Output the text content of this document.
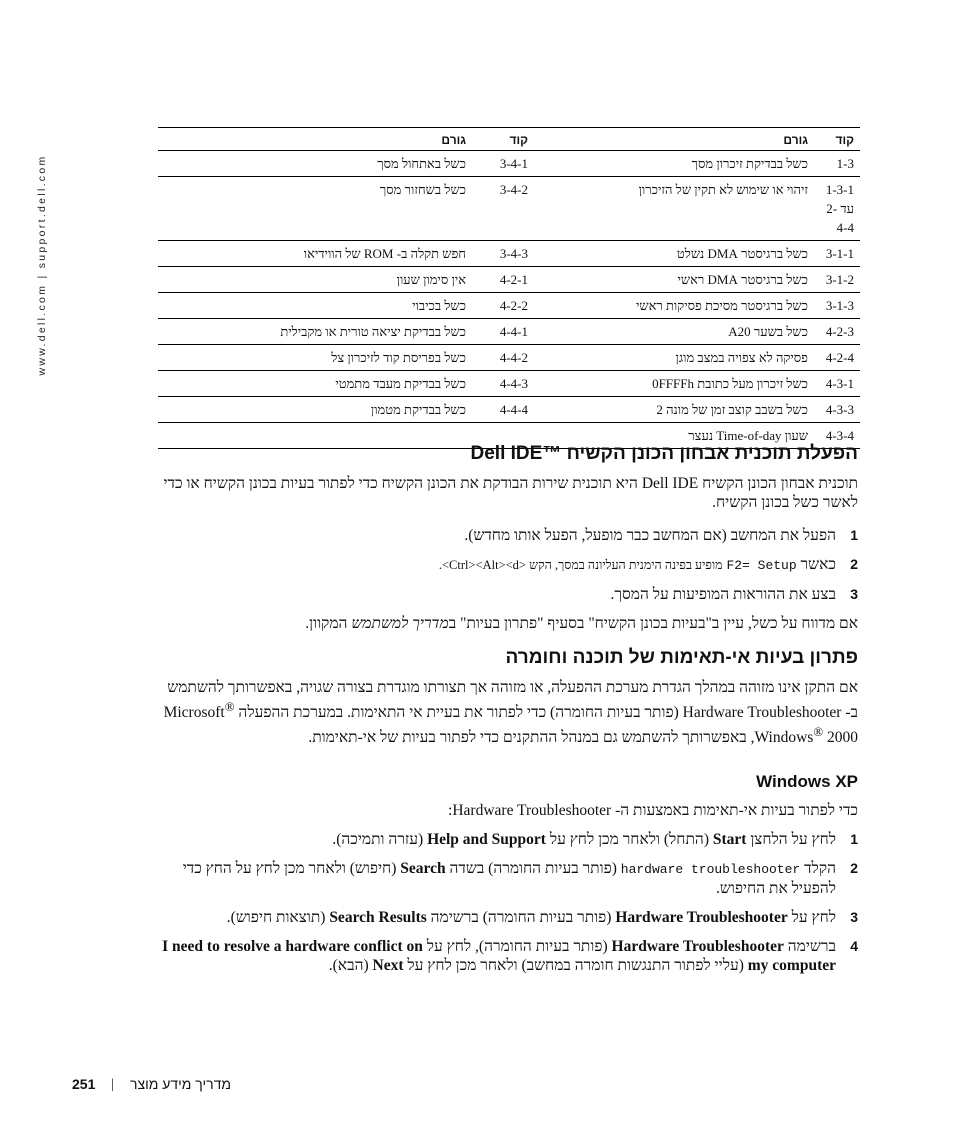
www.dell.com | support.dell.com
קוד	גורם	קוד	גורם
1-3	כשל בבדיקת זיכרון מסך	3-4-1	כשל באתחול מסך
1-3-1 עד 2-4-4	זיהוי או שימוש לא תקין של הזיכרון	3-4-2	כשל בשחזור מסך
3-1-1	כשל ברגיסטר DMA נשלט	3-4-3	חפש תקלה ב- ROM של הווידיאו
3-1-2	כשל ברגיסטר DMA ראשי	4-2-1	אין סימון שעון
3-1-3	כשל ברגיסטר מסיכת פסיקות ראשי	4-2-2	כשל בכיבוי
4-2-3	כשל בשער A20	4-4-1	כשל בבדיקת יציאה טורית או מקבילית
4-2-4	פסיקה לא צפויה במצב מוגן	4-4-2	כשל בפריסת קוד לזיכרון צל
4-3-1	כשל זיכרון מעל כתובת 0FFFFh	4-4-3	כשל בבדיקת מעבד מתמטי
4-3-3	כשל בשבב קוצב זמן של מונה 2	4-4-4	כשל בבדיקת מטמון
4-3-4	שעון Time-of-day נעצר		
הפעלת תוכנית אבחון הכונן הקשיח ™Dell IDE

תוכנית אבחון הכונן הקשיח Dell IDE היא תוכנית שירות הבודקת את הכונן הקשיח כדי לפתור בעיות בכונן הקשיח או כדי לאשר כשל בכונן הקשיח.

1
הפעל את המחשב (אם המחשב כבר מופעל, הפעל אותו מחדש).
2
כאשר F2= Setup מופיע בפינה הימנית העליונה במסך, הקש <Ctrl><Alt><d>.
3
בצע את ההוראות המופיעות על המסך.

אם מדווח על כשל, עיין ב"בעיות בכונן הקשיח" בסעיף "פתרון בעיות" במדריך למשתמש המקוון.

פתרון בעיות אי-תאימות של תוכנה וחומרה

אם התקן אינו מזוהה במהלך הגדרת מערכת ההפעלה, או מזוהה אך תצורתו מוגדרת בצורה שגויה, באפשרותך להשתמש ב- Hardware Troubleshooter (פותר בעיות החומרה) כדי לפתור את בעיית אי התאימות. במערכת ההפעלה Microsoft® Windows® 2000, באפשרותך להשתמש גם במנהל ההתקנים כדי לפתור בעיות של אי-תאימות.

Windows XP

כדי לפתור בעיות אי-תאימות באמצעות ה- Hardware Troubleshooter:

1
לחץ על הלחצן Start (התחל) ולאחר מכן לחץ על Help and Support (עזרה ותמיכה).
2
הקלד hardware troubleshooter (פותר בעיות החומרה) בשדה Search (חיפוש) ולאחר מכן לחץ על החץ כדי להפעיל את החיפוש.
3
לחץ על Hardware Troubleshooter (פותר בעיות החומרה) ברשימה Search Results (תוצאות חיפוש).
4
ברשימה Hardware Troubleshooter (פותר בעיות החומרה), לחץ על I need to resolve a hardware conflict on my computer (עליי לפתור התנגשות חומרה במחשב) ולאחר מכן לחץ על Next (הבא).
251 | מדריך מידע מוצר
